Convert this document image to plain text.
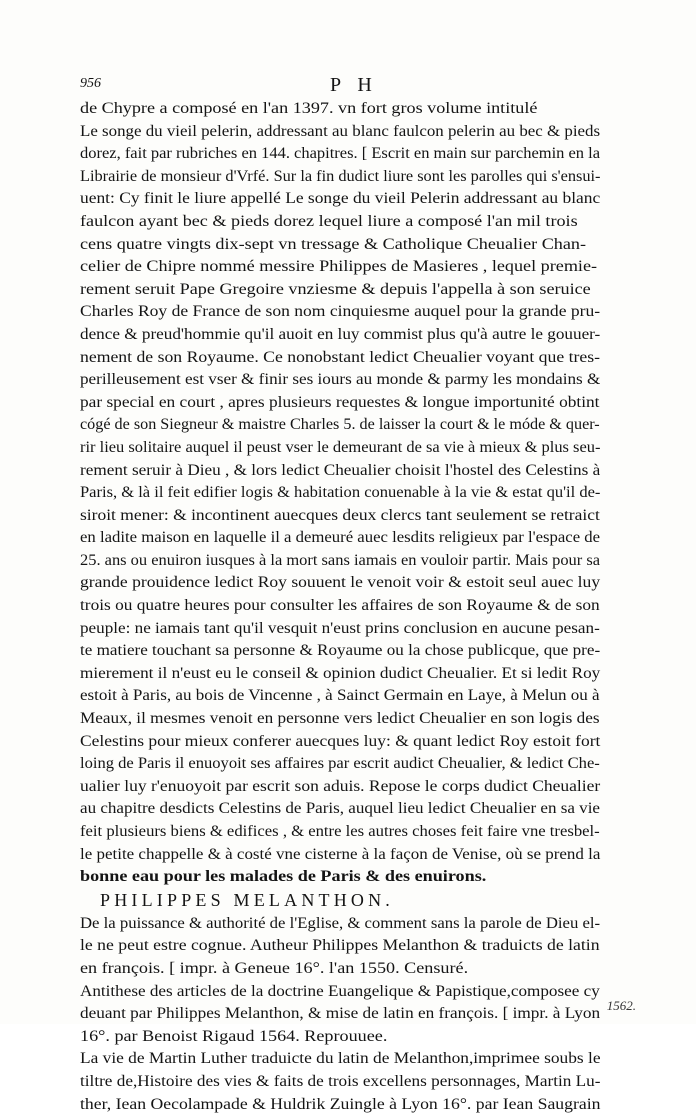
956	P H
de Chypre a composé en l'an 1397. vn fort gros volume intitulé
Le songe du vieil pelerin, addressant au blanc faulcon pelerin au bec & pieds
dorez, fait par rubriches en 144. chapitres. [ Escrit en main sur parchemin en la
Librairie de monsieur d'Vrfé. Sur la fin dudict liure sont les parolles qui s'ensui-
uent: Cy finit le liure appellé Le songe du vieil Pelerin addressant au blanc
faulcon ayant bec & pieds dorez lequel liure a composé l'an mil trois
cens quatre vingts dix-sept vn tressage & Catholique Cheualier Chan-
celier de Chipre nommé messire Philippes de Masieres , lequel premie-
rement seruit Pape Gregoire vnziesme & depuis l'appella à son seruice
Charles Roy de France de son nom cinquiesme auquel pour la grande pru-
dence & preud'hommie qu'il auoit en luy commist plus qu'à autre le gouuer-
nement de son Royaume. Ce nonobstant ledict Cheualier voyant que tres-
perilleusement est vser & finir ses iours au monde & parmy les mondains &
par special en court , apres plusieurs requestes & longue importunité obtint
cógé de son Siegneur & maistre Charles 5. de laisser la court & le móde & quer-
rir lieu solitaire auquel il peust vser le demeurant de sa vie à mieux & plus seu-
rement seruir à Dieu , & lors ledict Cheualier choisit l'hostel des Celestins à
Paris, & là il feit edifier logis & habitation conuenable à la vie & estat qu'il de-
siroit mener: & incontinent auecques deux clercs tant seulement se retraict
en ladite maison en laquelle il a demeuré auec lesdits religieux par l'espace de
25. ans ou enuiron iusques à la mort sans iamais en vouloir partir. Mais pour sa
grande prouidence ledict Roy souuent le venoit voir & estoit seul auec luy
trois ou quatre heures pour consulter les affaires de son Royaume & de son
peuple: ne iamais tant qu'il vesquit n'eust prins conclusion en aucune pesan-
te matiere touchant sa personne & Royaume ou la chose publicque, que pre-
mierement il n'eust eu le conseil & opinion dudict Cheualier. Et si ledit Roy
estoit à Paris, au bois de Vincenne , à Sainct Germain en Laye, à Melun ou à
Meaux, il mesmes venoit en personne vers ledict Cheualier en son logis des
Celestins pour mieux conferer auecques luy: & quant ledict Roy estoit fort
loing de Paris il enuoyoit ses affaires par escrit audict Cheualier, & ledict Che-
ualier luy r'enuoyoit par escrit son aduis. Repose le corps dudict Cheualier
au chapitre desdicts Celestins de Paris, auquel lieu ledict Cheualier en sa vie
feit plusieurs biens & edifices , & entre les autres choses feit faire vne tresbel-
le petite chappelle & à costé vne cisterne à la façon de Venise, où se prend la
bonne eau pour les malades de Paris & des enuirons.
PHILIPPES MELANTHON.
De la puissance & authorité de l'Eglise, & comment sans la parole de Dieu el-
le ne peut estre cognue. Autheur Philippes Melanthon & traduicts de latin
en françois. [ impr. à Geneue 16°. l'an 1550. Censuré.
Antithese des articles de la doctrine Euangelique & Papistique,composee cy
deuant par Philippes Melanthon, & mise de latin en françois. [ impr. à Lyon
16°. par Benoist Rigaud 1564. Reprouuee.
La vie de Martin Luther traduicte du latin de Melanthon,imprimee soubs le
tiltre de,Histoire des vies & faits de trois excellens personnages, Martin Lu-
ther, Iean Oecolampade & Huldrik Zuingle à Lyon 16°. par Iean Saugrain
1562.
